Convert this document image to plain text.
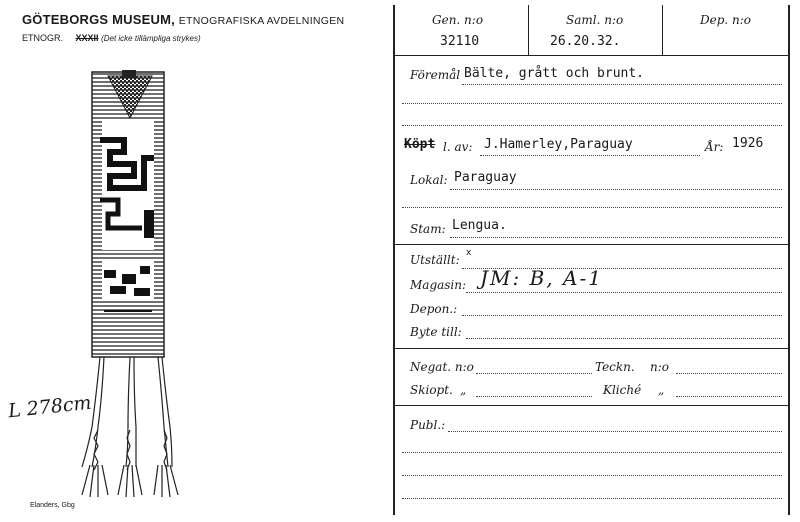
GÖTEBORGS MUSEUM, ETNOGRAFISKA AVDELNINGEN
ETNOGR. XXXII (Det icke tillämpliga strykes)
L 278cm
Elanders, Gbg
Gen. n:o	Saml. n:o	Dep. n:o
32110	26.20.32.
Föremål Bälte, grått och brunt.
Köpt l. av: J.Hamerley,Paraguay	År: 1926
Lokal: Paraguay
Stam: Lengua.
Utställt: x
Magasin: JM: B, A-1
Depon.:
Byte till:
Negat. n:o	Teckn. n:o
Skiopt. „	Kliché „
Publ.:
